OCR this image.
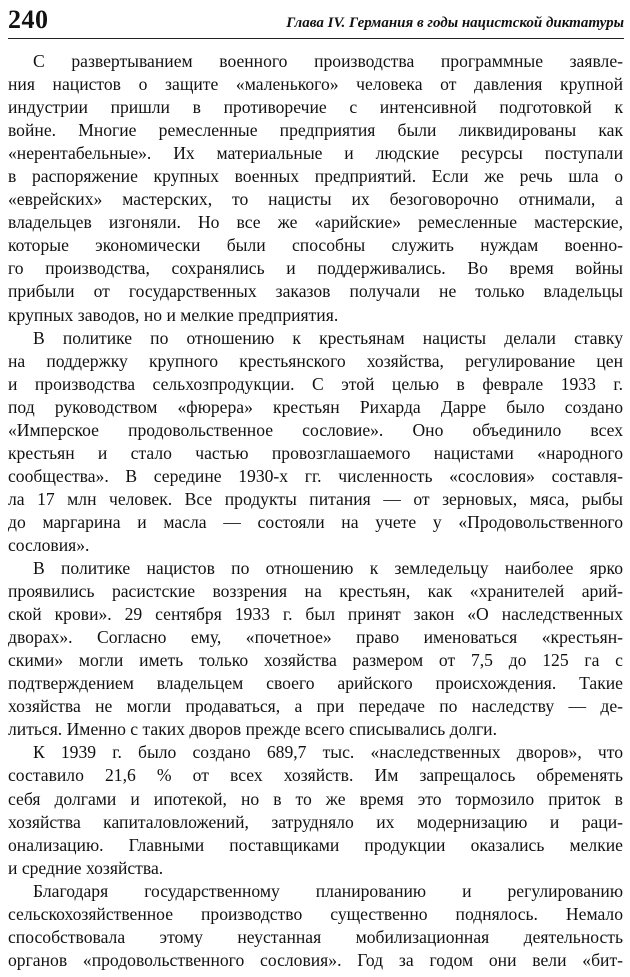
240	Глава IV. Германия в годы нацистской диктатуры
С развертыванием военного производства программные заявле-
ния нацистов о защите «маленького» человека от давления крупной
индустрии пришли в противоречие с интенсивной подготовкой к
войне. Многие ремесленные предприятия были ликвидированы как
«нерентабельные». Их материальные и людские ресурсы поступали
в распоряжение крупных военных предприятий. Если же речь шла о
«еврейских» мастерских, то нацисты их безоговорочно отнимали, а
владельцев изгоняли. Но все же «арийские» ремесленные мастерские,
которые экономически были способны служить нуждам военно-
го производства, сохранялись и поддерживались. Во время войны
прибыли от государственных заказов получали не только владельцы
крупных заводов, но и мелкие предприятия.
В политике по отношению к крестьянам нацисты делали ставку
на поддержку крупного крестьянского хозяйства, регулирование цен
и производства сельхозпродукции. С этой целью в феврале 1933 г.
под руководством «фюрера» крестьян Рихарда Дарре было создано
«Имперское продовольственное сословие». Оно объединило всех
крестьян и стало частью провозглашаемого нацистами «народного
сообщества». В середине 1930-х гг. численность «сословия» составля-
ла 17 млн человек. Все продукты питания — от зерновых, мяса, рыбы
до маргарина и масла — состояли на учете у «Продовольственного
сословия».
В политике нацистов по отношению к земледельцу наиболее ярко
проявились расистские воззрения на крестьян, как «хранителей арий-
ской крови». 29 сентября 1933 г. был принят закон «О наследственных
дворах». Согласно ему, «почетное» право именоваться «крестьян-
скими» могли иметь только хозяйства размером от 7,5 до 125 га с
подтверждением владельцем своего арийского происхождения. Такие
хозяйства не могли продаваться, а при передаче по наследству — де-
литься. Именно с таких дворов прежде всего списывались долги.
К 1939 г. было создано 689,7 тыс. «наследственных дворов», что
составило 21,6 % от всех хозяйств. Им запрещалось обременять
себя долгами и ипотекой, но в то же время это тормозило приток в
хозяйства капиталовложений, затрудняло их модернизацию и раци-
онализацию. Главными поставщиками продукции оказались мелкие
и средние хозяйства.
Благодаря государственному планированию и регулированию
сельскохозяйственное производство существенно поднялось. Немало
способствовала этому неустанная мобилизационная деятельность
органов «продовольственного сословия». Год за годом они вели «бит-
